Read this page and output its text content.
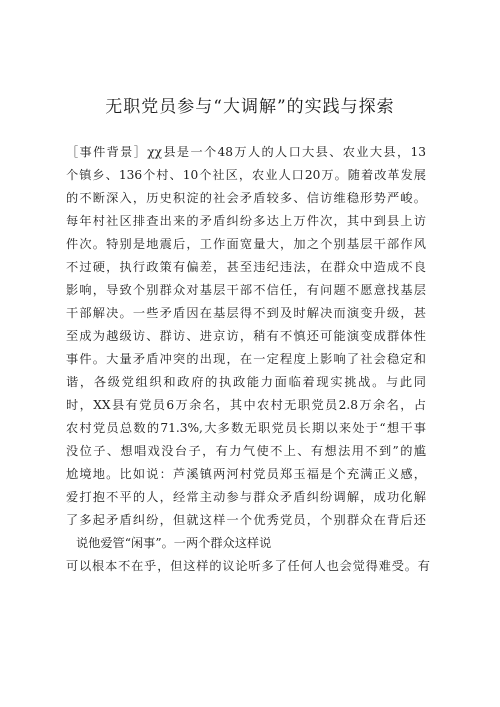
无职党员参与“大调解”的实践与探索
［事件背景］χχ县是一个48万人的人口大县、农业大县，13
个镇乡、136个村、10个社区，农业人口20万。随着改革发展
的不断深入，历史积淀的社会矛盾较多、信访维稳形势严峻。
每年村社区排查出来的矛盾纠纷多达上万件次，其中到县上访
件次。特别是地震后，工作面宽量大，加之个别基层干部作风
不过硬，执行政策有偏差，甚至违纪违法，在群众中造成不良
影响，导致个别群众对基层干部不信任，有问题不愿意找基层
干部解决。一些矛盾因在基层得不到及时解决而演变升级，甚
至成为越级访、群访、进京访，稍有不慎还可能演变成群体性
事件。大量矛盾冲突的出现，在一定程度上影响了社会稳定和
谐，各级党组织和政府的执政能力面临着现实挑战。与此同
时，XX县有党员6万余名，其中农村无职党员2.8万余名，占
农村党员总数的71.3%,大多数无职党员长期以来处于“想干事
没位子、想唱戏没台子，有力气使不上、有想法用不到”的尴
尬境地。比如说：芦溪镇两河村党员郑玉福是个充满正义感，
爱打抱不平的人，经常主动参与群众矛盾纠纷调解，成功化解
了多起矛盾纠纷，但就这样一个优秀党员，个别群众在背后还
说他爱管“闲事”。一两个群众这样说
可以根本不在乎，但这样的议论听多了任何人也会觉得难受。有
